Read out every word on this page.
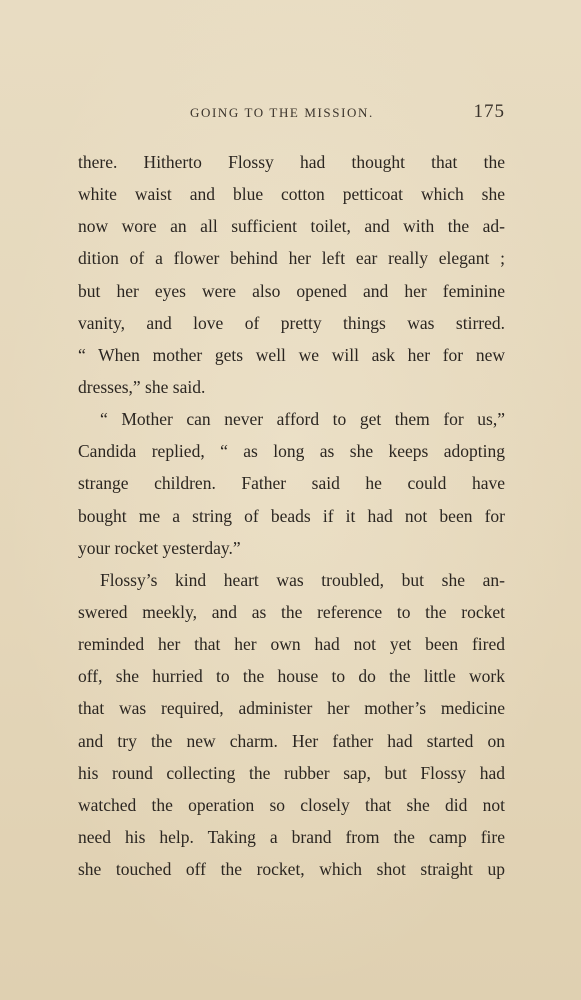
GOING TO THE MISSION.	175
there. Hitherto Flossy had thought that the
white waist and blue cotton petticoat which she
now wore an all sufficient toilet, and with the ad-
dition of a flower behind her left ear really elegant ;
but her eyes were also opened and her feminine
vanity, and love of pretty things was stirred.
“ When mother gets well we will ask her for new
dresses,” she said.
“ Mother can never afford to get them for us,”
Candida replied, “ as long as she keeps adopting
strange children. Father said he could have
bought me a string of beads if it had not been for
your rocket yesterday.”
Flossy’s kind heart was troubled, but she an-
swered meekly, and as the reference to the rocket
reminded her that her own had not yet been fired
off, she hurried to the house to do the little work
that was required, administer her mother’s medicine
and try the new charm. Her father had started on
his round collecting the rubber sap, but Flossy had
watched the operation so closely that she did not
need his help. Taking a brand from the camp fire
she touched off the rocket, which shot straight up
